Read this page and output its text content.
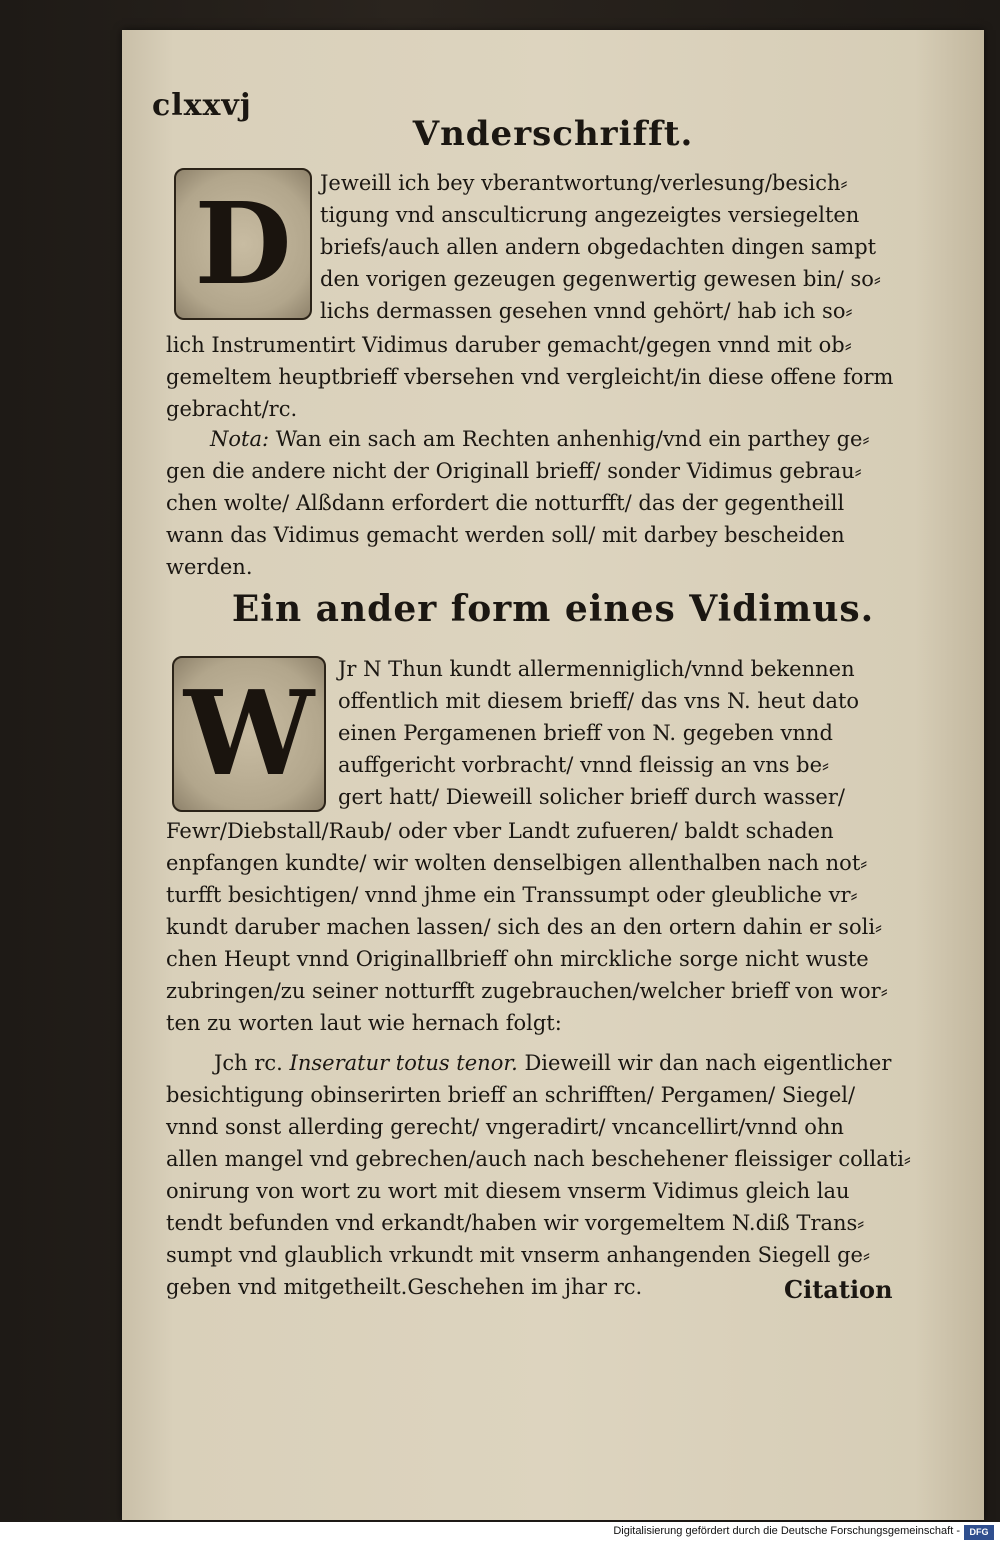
clxxvj
Vnderschrifft.
D	Jeweill ich bey vberantwortung/verlesung/besich⸗
tigung vnd ansculticrung angezeigtes versiegelten
briefs/auch allen andern obgedachten dingen sampt
den vorigen gezeugen gegenwertig gewesen bin/ so⸗
lichs dermassen gesehen vnnd gehört/ hab ich so⸗
lich Instrumentirt Vidimus daruber gemacht/gegen vnnd mit ob⸗
gemeltem heuptbrieff vbersehen vnd vergleicht/in diese offene form
gebracht/rc.
Nota: Wan ein sach am Rechten anhenhig/vnd ein parthey ge⸗
gen die andere nicht der Originall brieff/ sonder Vidimus gebrau⸗
chen wolte/ Alßdann erfordert die notturfft/ das der gegentheill
wann das Vidimus gemacht werden soll/ mit darbey bescheiden
werden.
Ein ander form eines Vidimus.
W	Jr N Thun kundt allermenniglich/vnnd bekennen
offentlich mit diesem brieff/ das vns N. heut dato
einen Pergamenen brieff von N. gegeben vnnd
auffgericht vorbracht/ vnnd fleissig an vns be⸗
gert hatt/ Dieweill solicher brieff durch wasser/
Fewr/Diebstall/Raub/ oder vber Landt zufueren/ baldt schaden
enpfangen kundte/ wir wolten denselbigen allenthalben nach not⸗
turfft besichtigen/ vnnd jhme ein Transsumpt oder gleubliche vr⸗
kundt daruber machen lassen/ sich des an den ortern dahin er soli⸗
chen Heupt vnnd Originallbrieff ohn mirckliche sorge nicht wuste
zubringen/zu seiner notturfft zugebrauchen/welcher brieff von wor⸗
ten zu worten laut wie hernach folgt:
Jch rc. Inseratur totus tenor. Dieweill wir dan nach eigentlicher
besichtigung obinserirten brieff an schrifften/ Pergamen/ Siegel/
vnnd sonst allerding gerecht/ vngeradirt/ vncancellirt/vnnd ohn
allen mangel vnd gebrechen/auch nach beschehener fleissiger collati⸗
onirung von wort zu wort mit diesem vnserm Vidimus gleich lau
tendt befunden vnd erkandt/haben wir vorgemeltem N.diß Trans⸗
sumpt vnd glaublich vrkundt mit vnserm anhangenden Siegell ge⸗
geben vnd mitgetheilt.Geschehen im jhar rc.	Citation
Digitalisierung gefördert durch die Deutsche Forschungsgemeinschaft -	DFG
